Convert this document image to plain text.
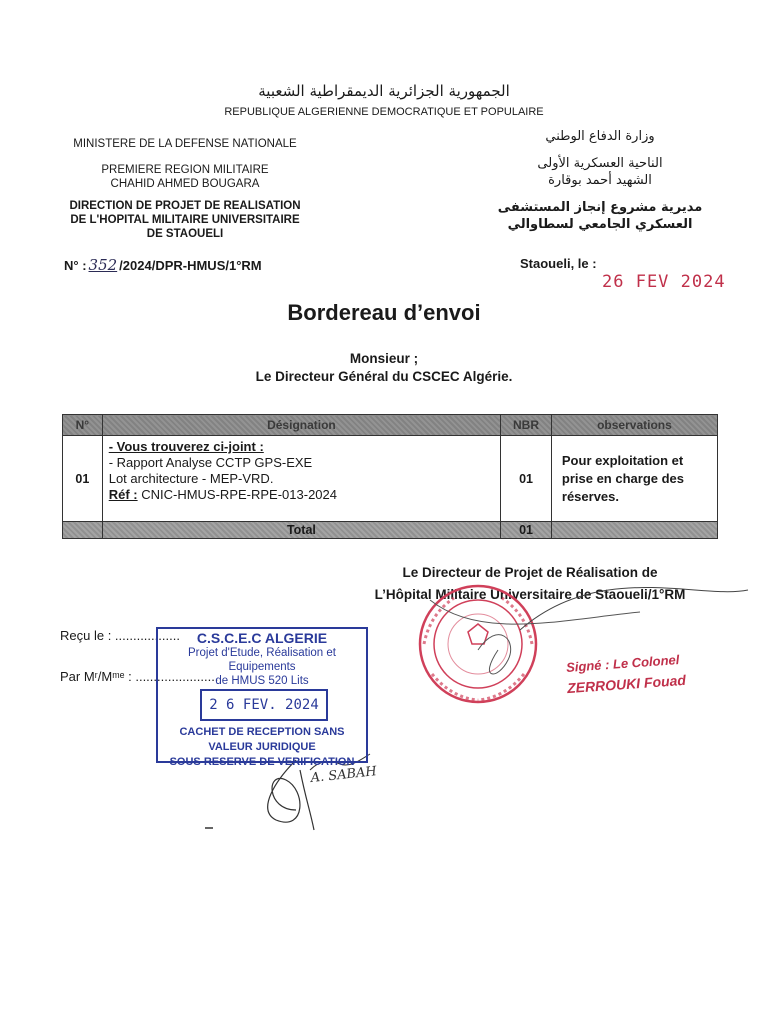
الجمهورية الجزائرية الديمقراطية الشعبية
REPUBLIQUE ALGERIENNE DEMOCRATIQUE ET POPULAIRE
MINISTERE DE LA DEFENSE NATIONALE
PREMIERE REGION MILITAIRE
CHAHID AHMED BOUGARA
DIRECTION DE PROJET DE REALISATION
DE L'HOPITAL MILITAIRE UNIVERSITAIRE
DE STAOUELI
وزارة الدفاع الوطني
الناحية العسكرية الأولى
الشهيد أحمد بوقارة
مديرية مشروع إنجاز المستشفى
العسكري الجامعي لسطاوالي
N° : 352 /2024/DPR-HMUS/1°RM	Staoueli, le :
26 FEV 2024
Bordereau d’envoi
Monsieur ;
Le Directeur Général du CSCEC Algérie.
N°	Désignation	NBR	observations
01	- Vous trouverez ci-joint :
- Rapport Analyse CCTP GPS-EXE
Lot architecture - MEP-VRD.
Réf : CNIC-HMUS-RPE-RPE-013-2024	01	Pour exploitation et prise en charge des réserves.
	Total	01	
Le Directeur de Projet de Réalisation de
L’Hôpital Militaire Universitaire de Staoueli/1°RM
A. SABAH
Signé : Le Colonel
ZERROUKI Fouad
Reçu le : ..................
Par Mʳ/Mᵐᵉ : .......................
C.S.C.E.C ALGERIE
Projet d'Etude, Réalisation et Equipements
de HMUS 520 Lits
2 6 FEV. 2024
CACHET DE RECEPTION SANS VALEUR JURIDIQUE
SOUS RESERVE DE VERIFICATION
